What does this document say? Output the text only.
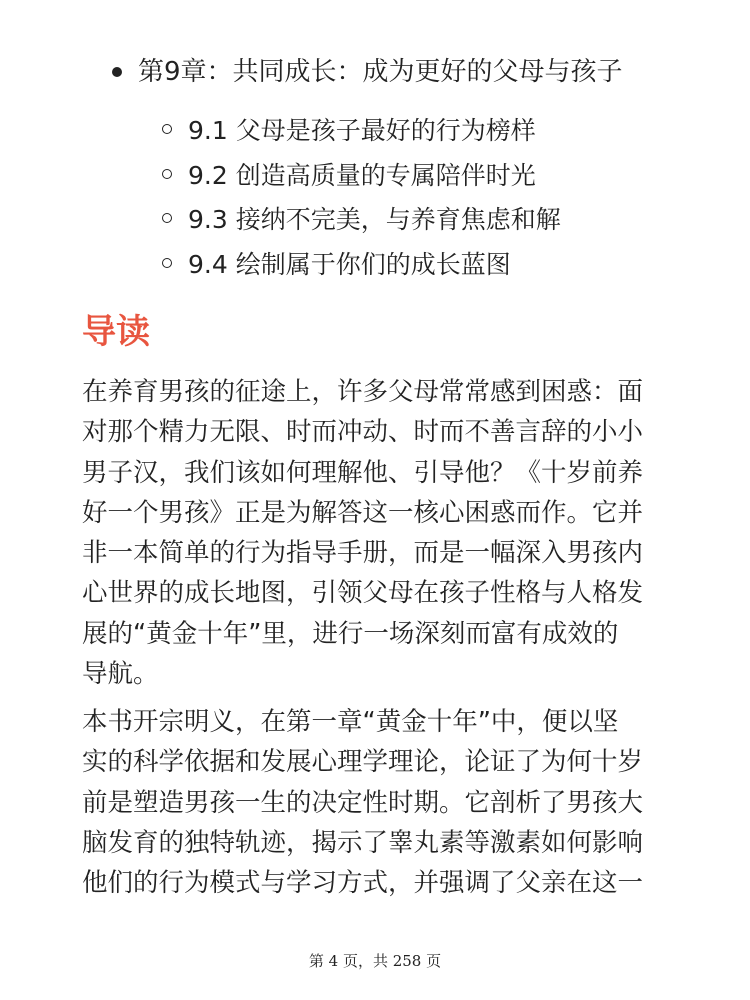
第9章：共同成长：成为更好的父母与孩子
9.1 父母是孩子最好的行为榜样
9.2 创造高质量的专属陪伴时光
9.3 接纳不完美，与养育焦虑和解
9.4 绘制属于你们的成长蓝图
导读

在养育男孩的征途上，许多父母常常感到困惑：面
对那个精力无限、时而冲动、时而不善言辞的小小
男子汉，我们该如何理解他、引导他？《十岁前养
好一个男孩》正是为解答这一核心困惑而作。它并
非一本简单的行为指导手册，而是一幅深入男孩内
心世界的成长地图，引领父母在孩子性格与人格发
展的“黄金十年”里，进行一场深刻而富有成效的
导航。

本书开宗明义，在第一章“黄金十年”中，便以坚
实的科学依据和发展心理学理论，论证了为何十岁
前是塑造男孩一生的决定性时期。它剖析了男孩大
脑发育的独特轨迹，揭示了睾丸素等激素如何影响
他们的行为模式与学习方式，并强调了父亲在这一

第 4 页，共 258 页
